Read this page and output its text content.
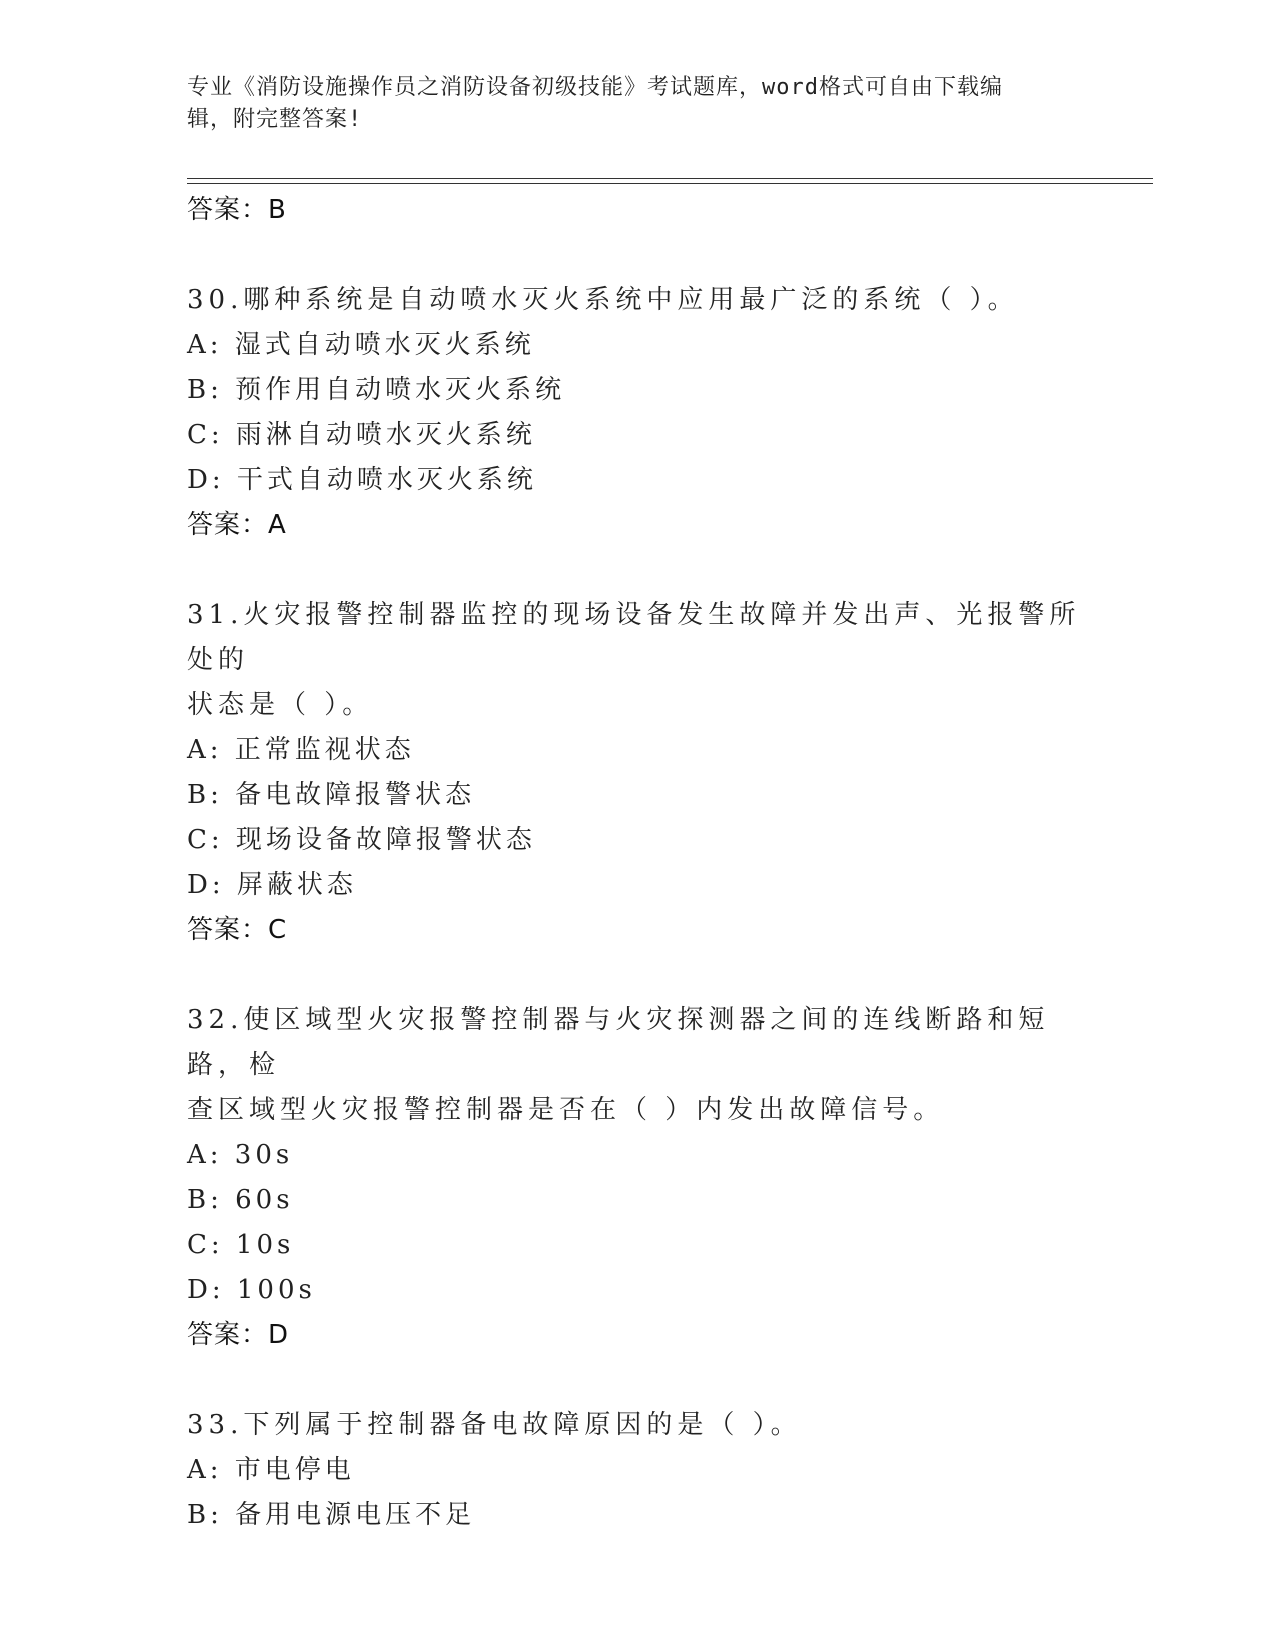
专业《消防设施操作员之消防设备初级技能》考试题库，word格式可自由下载编
辑，附完整答案!
答案：B
30.哪种系统是自动喷水灭火系统中应用最广泛的系统（ ）。
A: 湿式自动喷水灭火系统
B: 预作用自动喷水灭火系统
C: 雨淋自动喷水灭火系统
D: 干式自动喷水灭火系统
答案：A
31.火灾报警控制器监控的现场设备发生故障并发出声、光报警所处的
状态是（ ）。
A: 正常监视状态
B: 备电故障报警状态
C: 现场设备故障报警状态
D: 屏蔽状态
答案：C
32.使区域型火灾报警控制器与火灾探测器之间的连线断路和短路，检
查区域型火灾报警控制器是否在（ ）内发出故障信号。
A: 30s
B: 60s
C: 10s
D: 100s
答案：D
33.下列属于控制器备电故障原因的是（ ）。
A: 市电停电
B: 备用电源电压不足
